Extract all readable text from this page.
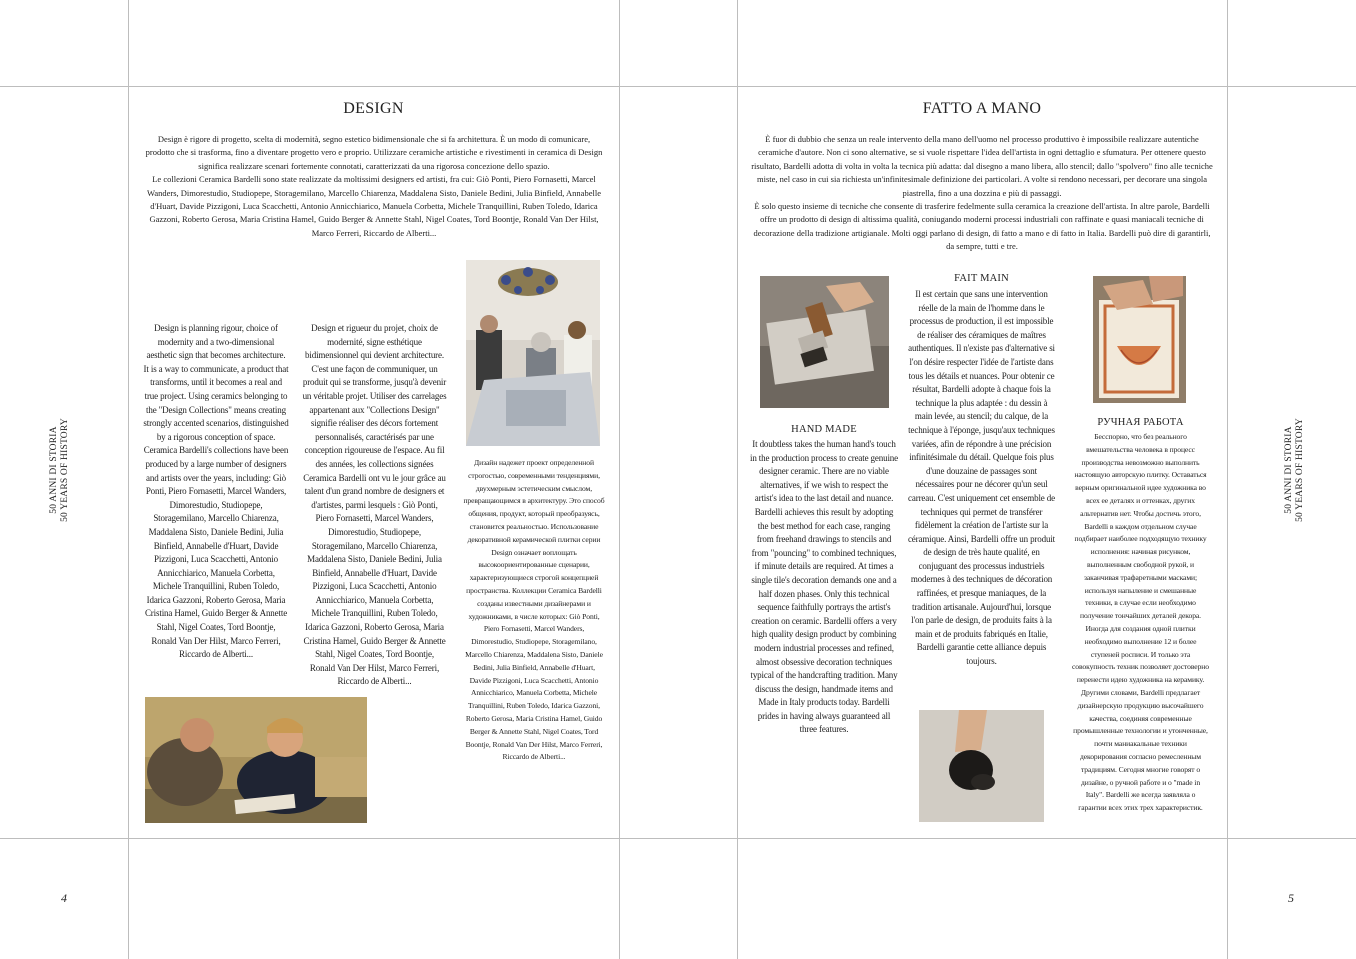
50 ANNI DI STORIA 50 YEARS OF HISTORY	50 ANNI DI STORIA 50 YEARS OF HISTORY
4	5
DESIGN

Design è rigore di progetto, scelta di modernità, segno estetico bidimensionale che si fa architettura. È un modo di comunicare, prodotto che si trasforma, fino a diventare progetto vero e proprio. Utilizzare ceramiche artistiche e rivestimenti in ceramica di Design significa realizzare scenari fortemente connotati, caratterizzati da una rigorosa concezione dello spazio.

Le collezioni Ceramica Bardelli sono state realizzate da moltissimi designers ed artisti, fra cui: Giò Ponti, Piero Fornasetti, Marcel Wanders, Dimorestudio, Studiopepe, Storagemilano, Marcello Chiarenza, Maddalena Sisto, Daniele Bedini, Julia Binfield, Annabelle d'Huart, Davide Pizzigoni, Luca Scacchetti, Antonio Annicchiarico, Manuela Corbetta, Michele Tranquillini, Ruben Toledo, Idarica Gazzoni, Roberto Gerosa, Maria Cristina Hamel, Guido Berger & Annette Stahl, Nigel Coates, Tord Boontje, Ronald Van Der Hilst, Marco Ferreri, Riccardo de Alberti...

Design is planning rigour, choice of modernity and a two-dimensional aesthetic sign that becomes architecture. It is a way to communicate, a product that transforms, until it becomes a real and true project. Using ceramics belonging to the "Design Collections" means creating strongly accented scenarios, distinguished by a rigorous conception of space. Ceramica Bardelli's collections have been produced by a large number of designers and artists over the years, including: Giò Ponti, Piero Fornasetti, Marcel Wanders, Dimorestudio, Studiopepe, Storagemilano, Marcello Chiarenza, Maddalena Sisto, Daniele Bedini, Julia Binfield, Annabelle d'Huart, Davide Pizzigoni, Luca Scacchetti, Antonio Annicchiarico, Manuela Corbetta, Michele Tranquillini, Ruben Toledo, Idarica Gazzoni, Roberto Gerosa, Maria Cristina Hamel, Guido Berger & Annette Stahl, Nigel Coates, Tord Boontje, Ronald Van Der Hilst, Marco Ferreri, Riccardo de Alberti...
Design et rigueur du projet, choix de modernité, signe esthétique bidimensionnel qui devient architecture. C'est une façon de communiquer, un produit qui se transforme, jusqu'à devenir un véritable projet. Utiliser des carrelages appartenant aux "Collections Design" signifie réaliser des décors fortement personnalisés, caractérisés par une conception rigoureuse de l'espace. Au fil des années, les collections signées Ceramica Bardelli ont vu le jour grâce au talent d'un grand nombre de designers et d'artistes, parmi lesquels : Giò Ponti, Piero Fornasetti, Marcel Wanders, Dimorestudio, Studiopepe, Storagemilano, Marcello Chiarenza, Maddalena Sisto, Daniele Bedini, Julia Binfield, Annabelle d'Huart, Davide Pizzigoni, Luca Scacchetti, Antonio Annicchiarico, Manuela Corbetta, Michele Tranquillini, Ruben Toledo, Idarica Gazzoni, Roberto Gerosa, Maria Cristina Hamel, Guido Berger & Annette Stahl, Nigel Coates, Tord Boontje, Ronald Van Der Hilst, Marco Ferreri, Riccardo de Alberti...
Дизайн надежет проект определенной строгостью, современными тенденциями, двухмерным эстетическим смыслом, превращающимся в архитектуру. Это способ общения, продукт, который преобразуясь, становится реальностью. Использование декоративной керамической плитки серии Design означает воплощать высокоориентированные сценарии, характеризующиеся строгой концепцией пространства. Коллекции Ceramica Bardelli созданы известными дизайнерами и художниками, в числе которых: Giò Ponti, Piero Fornasetti, Marcel Wanders, Dimorestudio, Studiopepe, Storagemilano, Marcello Chiarenza, Maddalena Sisto, Daniele Bedini, Julia Binfield, Annabelle d'Huart, Davide Pizzigoni, Luca Scacchetti, Antonio Annicchiarico, Manuela Corbetta, Michele Tranquillini, Ruben Toledo, Idarica Gazzoni, Roberto Gerosa, Maria Cristina Hamel, Guido Berger & Annette Stahl, Nigel Coates, Tord Boontje, Ronald Van Der Hilst, Marco Ferreri, Riccardo de Alberti...
FATTO A MANO

È fuor di dubbio che senza un reale intervento della mano dell'uomo nel processo produttivo è impossibile realizzare autentiche ceramiche d'autore. Non ci sono alternative, se si vuole rispettare l'idea dell'artista in ogni dettaglio e sfumatura. Per ottenere questo risultato, Bardelli adotta di volta in volta la tecnica più adatta: dal disegno a mano libera, allo stencil; dallo "spolvero" fino alle tecniche miste, nel caso in cui sia richiesta un'infinitesimale definizione dei particolari. A volte si rendono necessari, per decorare una singola piastrella, fino a una dozzina e più di passaggi.

È solo questo insieme di tecniche che consente di trasferire fedelmente sulla ceramica la creazione dell'artista. In altre parole, Bardelli offre un prodotto di design di altissima qualità, coniugando moderni processi industriali con raffinate e quasi maniacali tecniche di decorazione della tradizione artigianale. Molti oggi parlano di design, di fatto a mano e di fatto in Italia. Bardelli può dire di garantirli, da sempre, tutti e tre.

HAND MADE
It doubtless takes the human hand's touch in the production process to create genuine designer ceramic. There are no viable alternatives, if we wish to respect the artist's idea to the last detail and nuance. Bardelli achieves this result by adopting the best method for each case, ranging from freehand drawings to stencils and from "pouncing" to combined techniques, if minute details are required. At times a single tile's decoration demands one and a half dozen phases. Only this technical sequence faithfully portrays the artist's creation on ceramic. Bardelli offers a very high quality design product by combining modern industrial processes and refined, almost obsessive decoration techniques typical of the handcrafting tradition. Many discuss the design, handmade items and Made in Italy products today. Bardelli prides in having always guaranteed all three features.
FAIT MAIN
Il est certain que sans une intervention réelle de la main de l'homme dans le processus de production, il est impossible de réaliser des céramiques de maîtres authentiques. Il n'existe pas d'alternative si l'on désire respecter l'idée de l'artiste dans tous les détails et nuances. Pour obtenir ce résultat, Bardelli adopte à chaque fois la technique la plus adaptée : du dessin à main levée, au stencil; du calque, de la technique à l'éponge, jusqu'aux techniques variées, afin de répondre à une précision infinitésimale du détail. Quelque fois plus d'une douzaine de passages sont nécessaires pour ne décorer qu'un seul carreau. C'est uniquement cet ensemble de techniques qui permet de transférer fidèlement la création de l'artiste sur la céramique. Ainsi, Bardelli offre un produit de design de très haute qualité, en conjuguant des processus industriels modernes à des techniques de décoration raffinées, et presque maniaques, de la tradition artisanale. Aujourd'hui, lorsque l'on parle de design, de produits faits à la main et de produits fabriqués en Italie, Bardelli garantie cette alliance depuis toujours.
РУЧНАЯ РАБОТА
Бесспорно, что без реального вмешательства человека в процесс производства невозможно выполнить настоящую авторскую плитку. Оставаться верным оригинальной идее художника во всех ее деталях и оттенках, других альтернатив нет. Чтобы достичь этого, Bardelli в каждом отдельном случае подбирает наиболее подходящую технику исполнения: начиная рисунком, выполненным свободной рукой, и заканчивая трафаретными масками; используя напыление и смешанные техники, в случае если необходимо получение тончайших деталей декора. Иногда для создания одной плитки необходимо выполнение 12 и более ступеней росписи. И только эта совокупность техник позволяет достоверно перенести идею художника на керамику. Другими словами, Bardelli предлагает дизайнерскую продукцию высочайшего качества, соединяя современные промышленные технологии и утонченные, почти маниакальные техники декорирования согласно ремесленным традициям. Сегодня многие говорят о дизайне, о ручной работе и о "made in Italy". Bardelli же всегда заявляла о гарантии всех этих трех характеристик.
